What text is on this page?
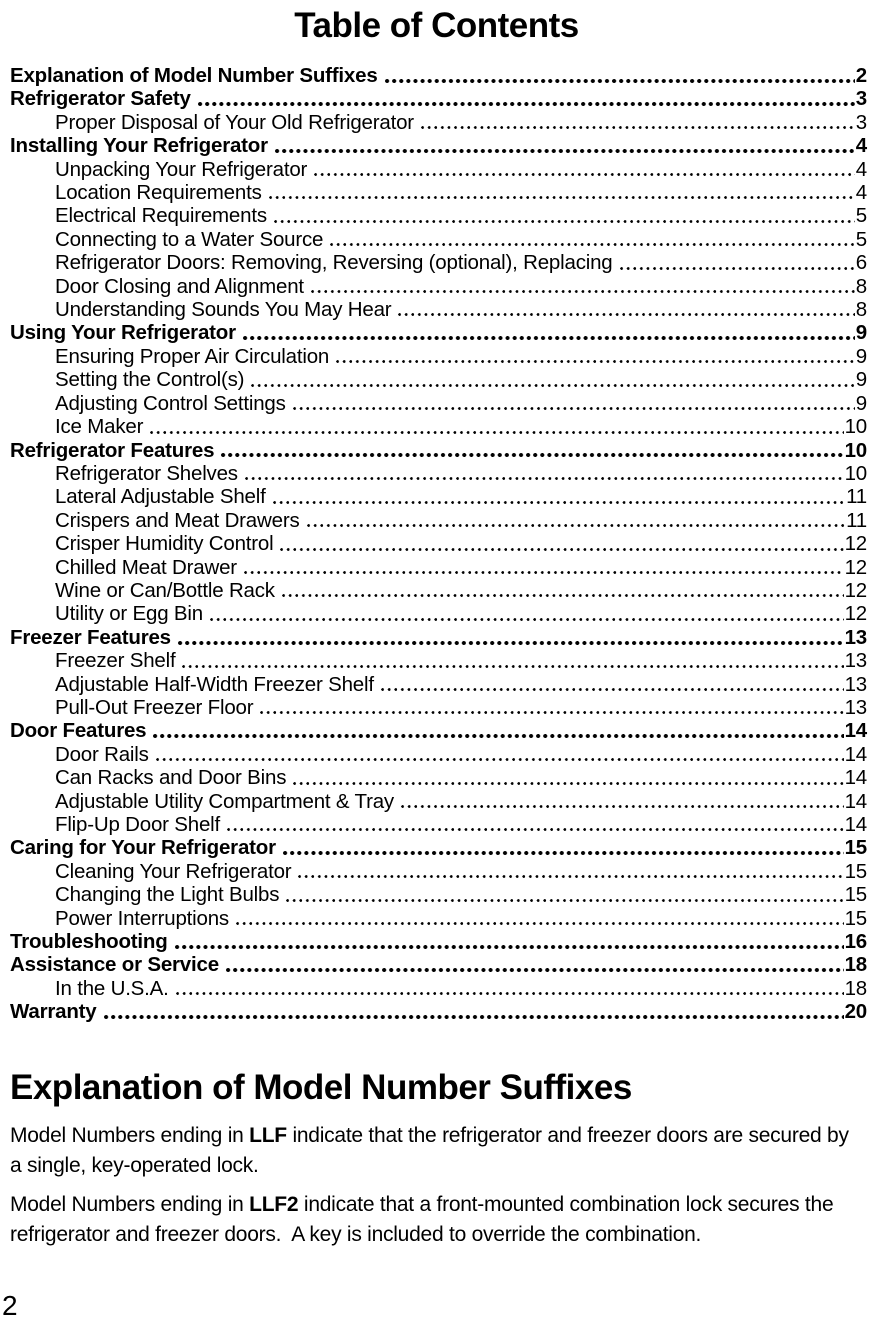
Table of Contents
Explanation of Model Number Suffixes	2
Refrigerator Safety	3
Proper Disposal of Your Old Refrigerator	3
Installing Your Refrigerator	4
Unpacking Your Refrigerator	4
Location Requirements	4
Electrical Requirements	5
Connecting to a Water Source	5
Refrigerator Doors: Removing, Reversing (optional), Replacing	6
Door Closing and Alignment	8
Understanding Sounds You May Hear	8
Using Your Refrigerator	9
Ensuring Proper Air Circulation	9
Setting the Control(s)	9
Adjusting Control Settings	9
Ice Maker	10
Refrigerator Features	10
Refrigerator Shelves	10
Lateral Adjustable Shelf	11
Crispers and Meat Drawers	11
Crisper Humidity Control	12
Chilled Meat Drawer	12
Wine or Can/Bottle Rack	12
Utility or Egg Bin	12
Freezer Features	13
Freezer Shelf	13
Adjustable Half-Width Freezer Shelf	13
Pull-Out Freezer Floor	13
Door Features	14
Door Rails	14
Can Racks and Door Bins	14
Adjustable Utility Compartment & Tray	14
Flip-Up Door Shelf	14
Caring for Your Refrigerator	15
Cleaning Your Refrigerator	15
Changing the Light Bulbs	15
Power Interruptions	15
Troubleshooting	16
Assistance or Service	18
In the U.S.A.	18
Warranty	20
Explanation of Model Number Suffixes

Model Numbers ending in LLF indicate that the refrigerator and freezer doors are secured by a single, key-operated lock.

Model Numbers ending in LLF2 indicate that a front-mounted combination lock secures the refrigerator and freezer doors.  A key is included to override the combination.

2
